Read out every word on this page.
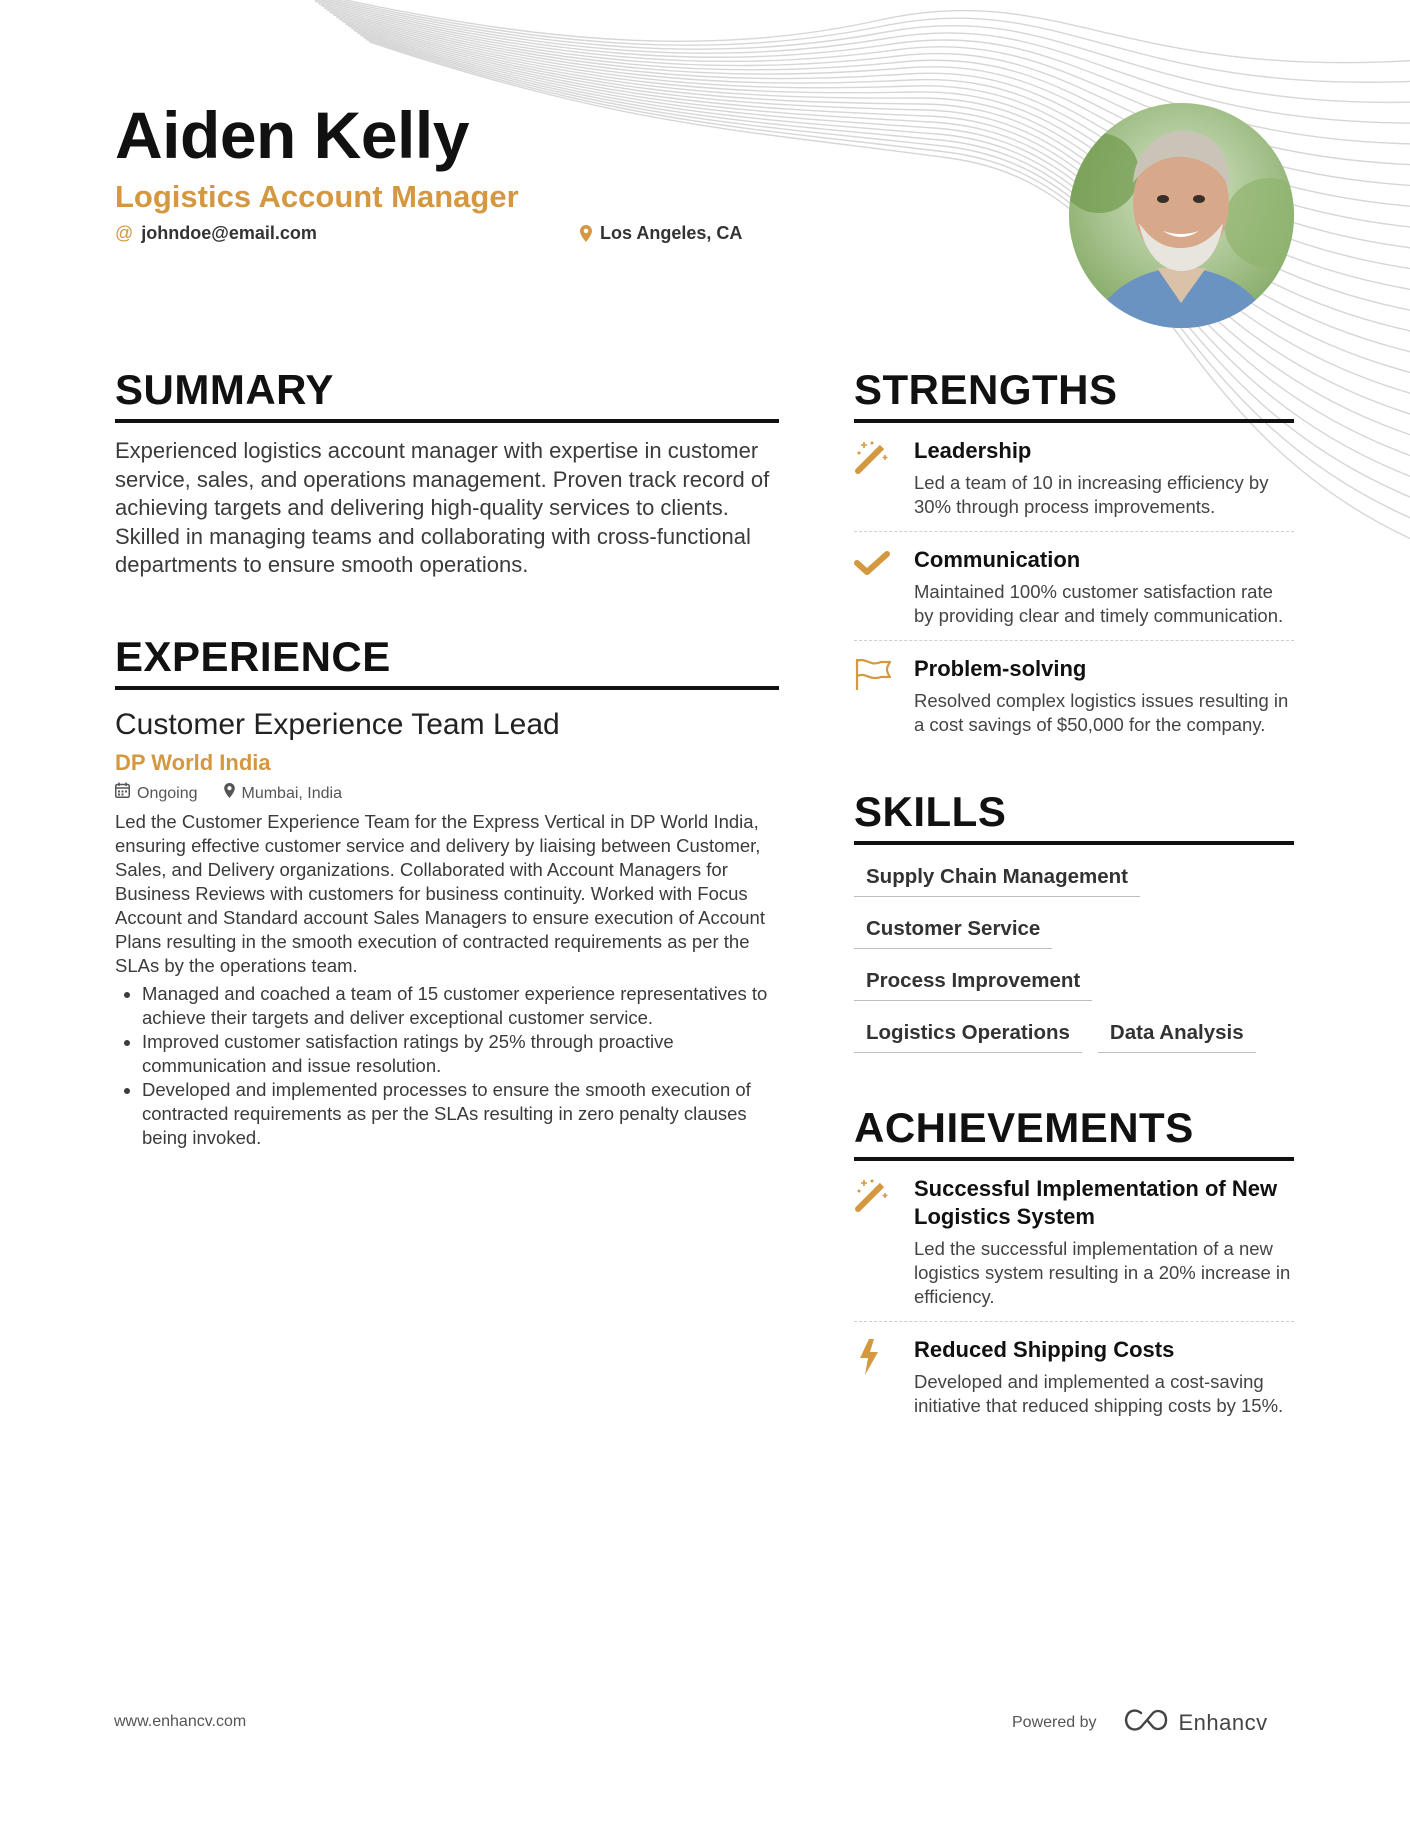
Aiden Kelly
Logistics Account Manager
@ johndoe@email.com	Los Angeles, CA
SUMMARY

Experienced logistics account manager with expertise in customer service, sales, and operations management. Proven track record of achieving targets and delivering high-quality services to clients. Skilled in managing teams and collaborating with cross-functional departments to ensure smooth operations.

EXPERIENCE
Customer Experience Team Lead
DP World India
Ongoing	Mumbai, India
Led the Customer Experience Team for the Express Vertical in DP World India, ensuring effective customer service and delivery by liaising between Customer, Sales, and Delivery organizations. Collaborated with Account Managers for Business Reviews with customers for business continuity. Worked with Focus Account and Standard account Sales Managers to ensure execution of Account Plans resulting in the smooth execution of contracted requirements as per the SLAs by the operations team.
• Managed and coached a team of 15 customer experience representatives to achieve their targets and deliver exceptional customer service.
• Improved customer satisfaction ratings by 25% through proactive communication and issue resolution.
• Developed and implemented processes to ensure the smooth execution of contracted requirements as per the SLAs resulting in zero penalty clauses being invoked.
STRENGTHS
Leadership

Led a team of 10 in increasing efficiency by 30% through process improvements.

Communication

Maintained 100% customer satisfaction rate by providing clear and timely communication.

Problem-solving

Resolved complex logistics issues resulting in a cost savings of $50,000 for the company.

SKILLS
Supply Chain Management
Customer Service
Process Improvement
Logistics Operations	Data Analysis
ACHIEVEMENTS
Successful Implementation of New Logistics System

Led the successful implementation of a new logistics system resulting in a 20% increase in efficiency.

Reduced Shipping Costs

Developed and implemented a cost-saving initiative that reduced shipping costs by 15%.

www.enhancv.com	Powered by	Enhancv
